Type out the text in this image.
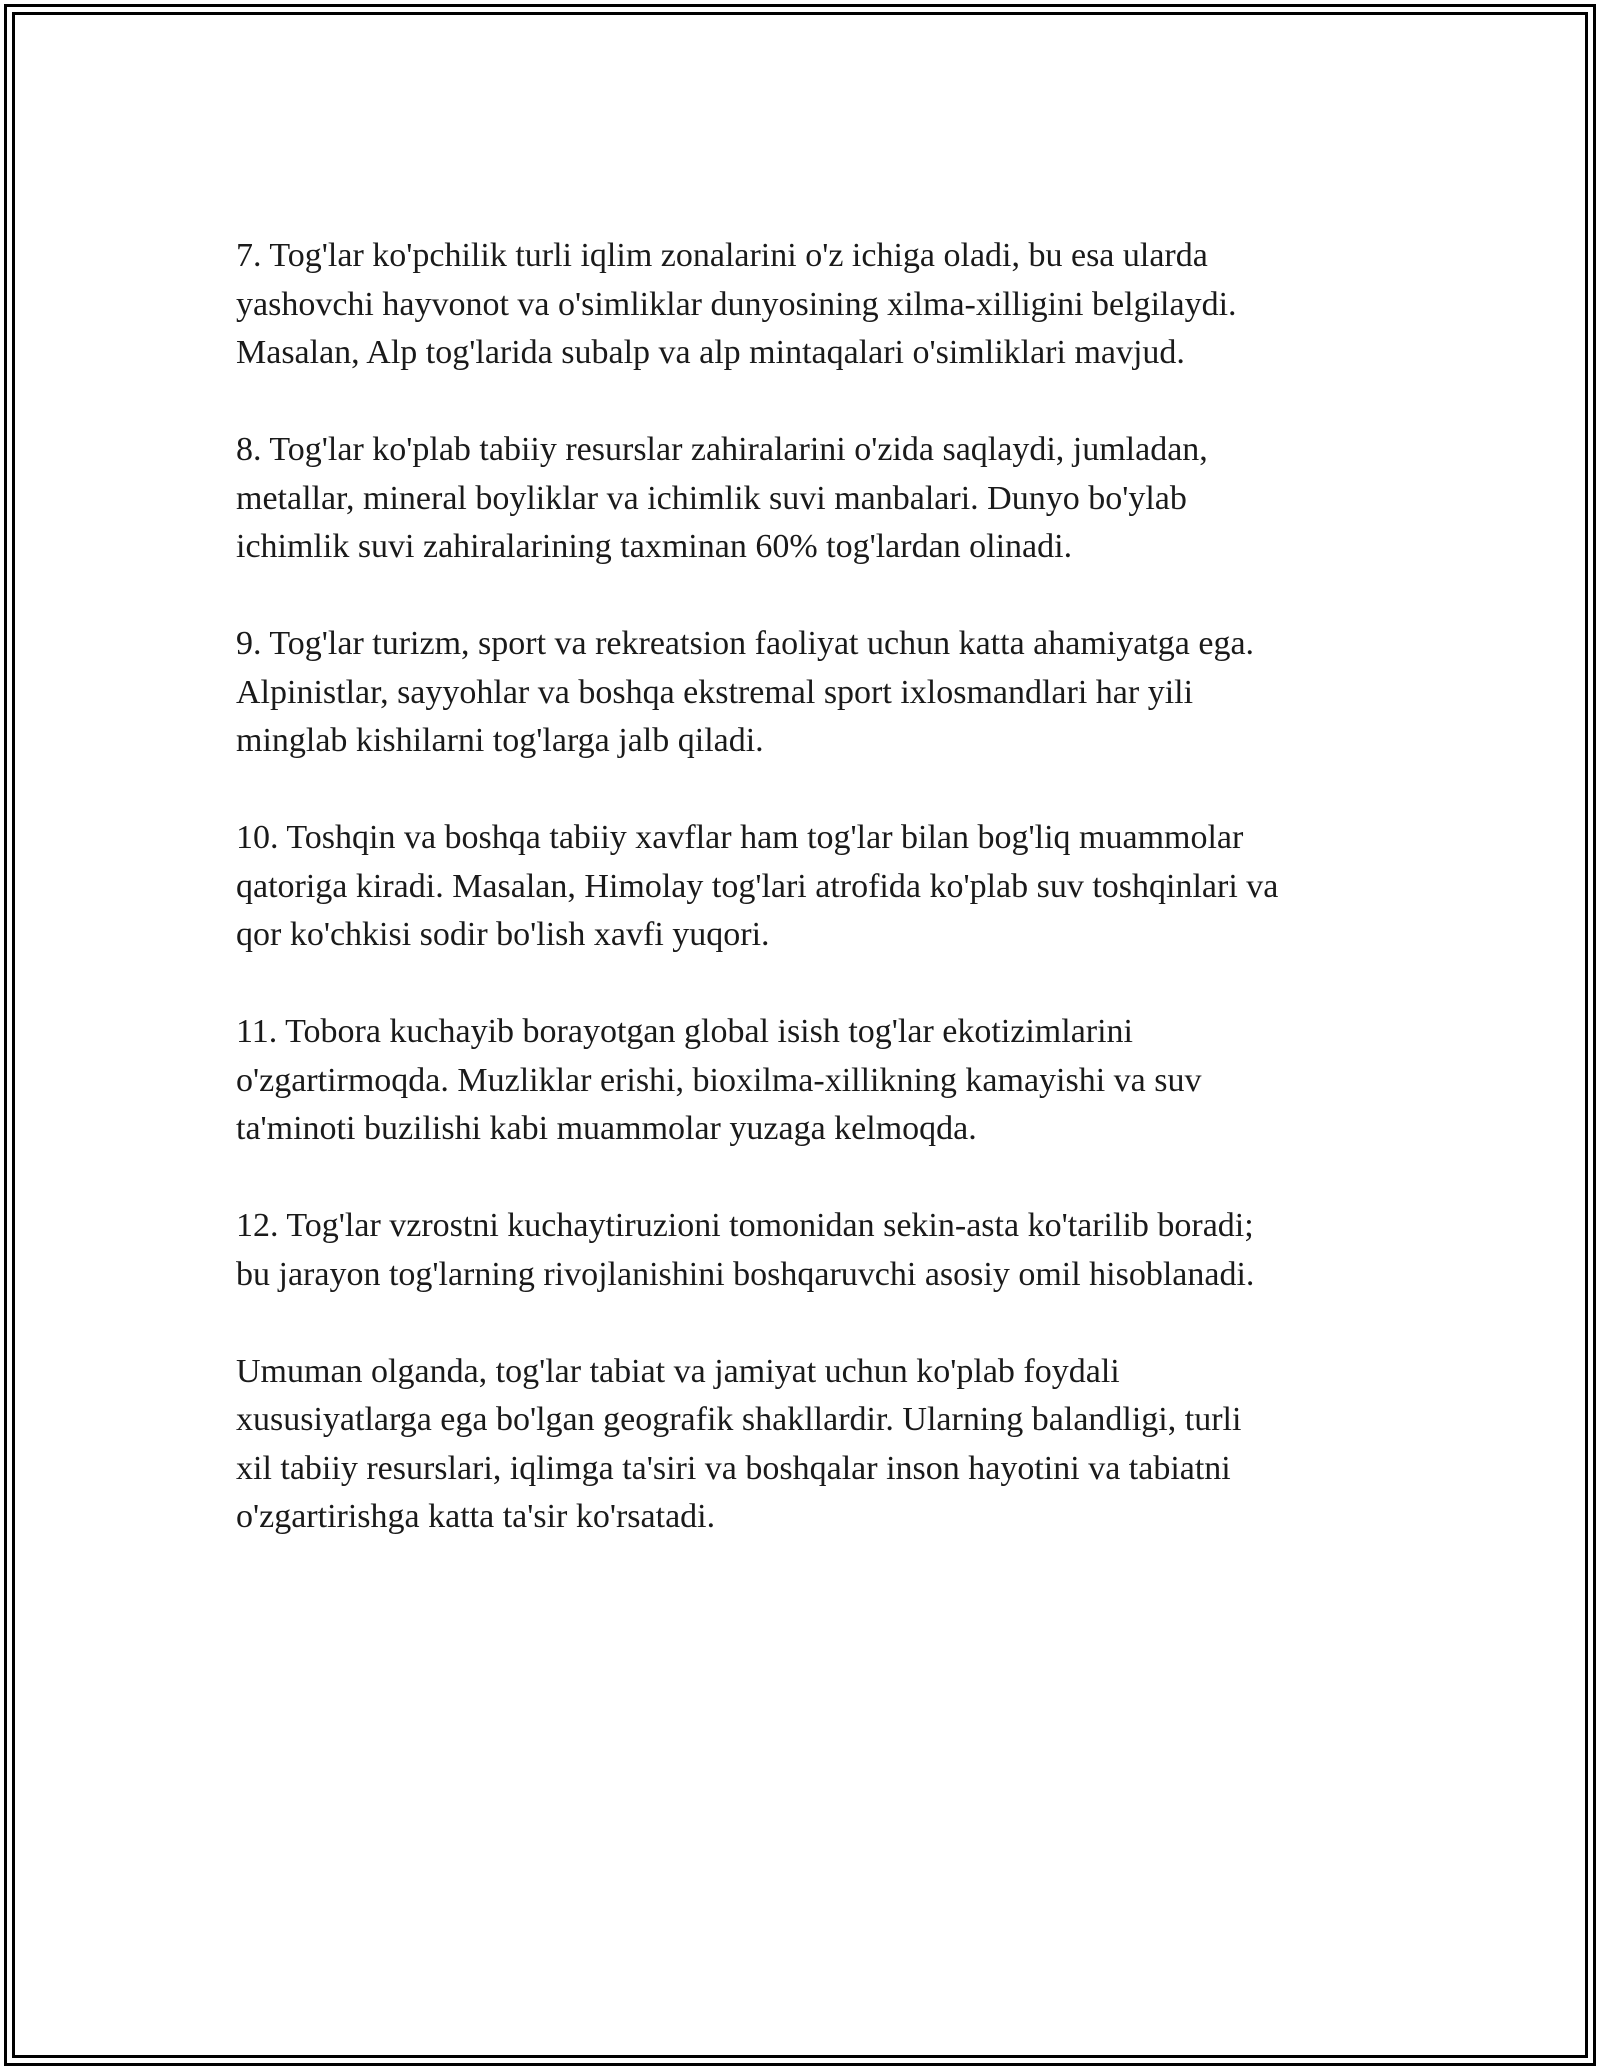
7. Tog'lar ko'pchilik turli iqlim zonalarini o'z ichiga oladi, bu esa ularda
yashovchi hayvonot va o'simliklar dunyosining xilma-xilligini belgilaydi.
Masalan, Alp tog'larida subalp va alp mintaqalari o'simliklari mavjud.

8. Tog'lar ko'plab tabiiy resurslar zahiralarini o'zida saqlaydi, jumladan,
metallar, mineral boyliklar va ichimlik suvi manbalari. Dunyo bo'ylab
ichimlik suvi zahiralarining taxminan 60% tog'lardan olinadi.

9. Tog'lar turizm, sport va rekreatsion faoliyat uchun katta ahamiyatga ega.
Alpinistlar, sayyohlar va boshqa ekstremal sport ixlosmandlari har yili
minglab kishilarni tog'larga jalb qiladi.

10. Toshqin va boshqa tabiiy xavflar ham tog'lar bilan bog'liq muammolar
qatoriga kiradi. Masalan, Himolay tog'lari atrofida ko'plab suv toshqinlari va
qor ko'chkisi sodir bo'lish xavfi yuqori.

11. Tobora kuchayib borayotgan global isish tog'lar ekotizimlarini
o'zgartirmoqda. Muzliklar erishi, bioxilma-xillikning kamayishi va suv
ta'minoti buzilishi kabi muammolar yuzaga kelmoqda.

12. Tog'lar vzrostni kuchaytiruzioni tomonidan sekin-asta ko'tarilib boradi;
bu jarayon tog'larning rivojlanishini boshqaruvchi asosiy omil hisoblanadi.

Umuman olganda, tog'lar tabiat va jamiyat uchun ko'plab foydali
xususiyatlarga ega bo'lgan geografik shakllardir. Ularning balandligi, turli
xil tabiiy resurslari, iqlimga ta'siri va boshqalar inson hayotini va tabiatni
o'zgartirishga katta ta'sir ko'rsatadi.
